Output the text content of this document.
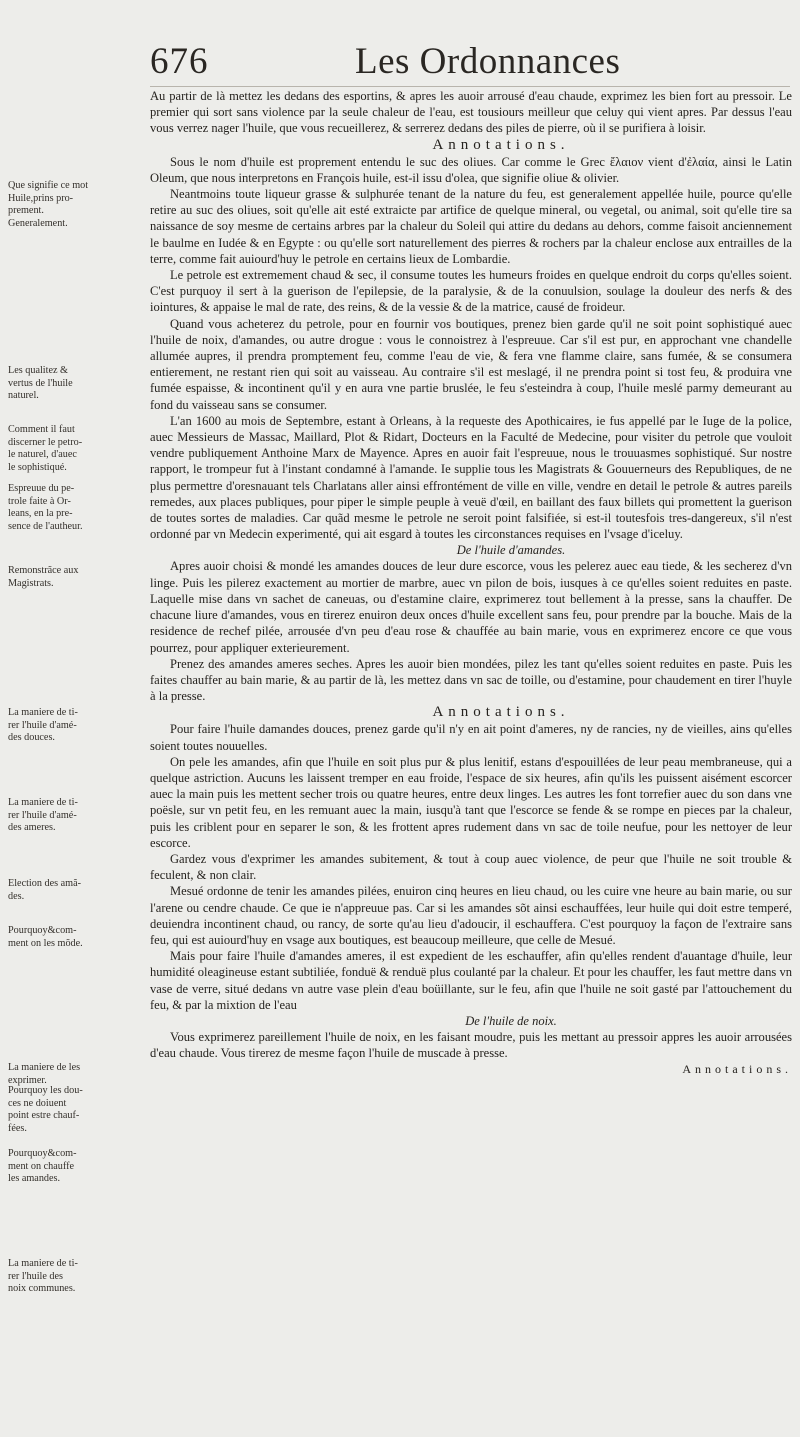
676	Les Ordonnances
Que signifie ce mot
Huile,prins pro-
prement.
Generalement.
Les qualitez &
vertus de l'huile
naturel.
Comment il faut
discerner le petro-
le naturel, d'auec
le sophistiqué.
Espreuue du pe-
trole faite à Or-
leans, en la pre-
sence de l'autheur.
Remonstrãce aux
Magistrats.
La maniere de ti-
rer l'huile d'amé-
des douces.
La maniere de ti-
rer l'huile d'amé-
des ameres.
Election des amã-
des.
Pourquoy&com-
ment on les mõde.
La maniere de les
exprimer.
Pourquoy les dou-
ces ne doiuent
point estre chauf-
fées.
Pourquoy&com-
ment on chauffe
les amandes.
La maniere de ti-
rer l'huile des
noix communes.

Au partir de là mettez les dedans des esportins, & apres les auoir arrousé d'eau chaude, exprimez les bien fort au pressoir. Le premier qui sort sans violence par la seule chaleur de l'eau, est tousiours meilleur que celuy qui vient apres. Par dessus l'eau vous verrez nager l'huile, que vous recueillerez, & serrerez dedans des piles de pierre, où il se purifiera à loisir.

Annotations.

Sous le nom d'huile est proprement entendu le suc des oliues. Car comme le Grec ἔλαιον vient d'ἐλαία, ainsi le Latin Oleum, que nous interpretons en François huile, est-il issu d'olea, que signifie oliue & olivier.

Neantmoins toute liqueur grasse & sulphurée tenant de la nature du feu, est generalement appellée huile, pource qu'elle retire au suc des oliues, soit qu'elle ait esté extraicte par artifice de quelque mineral, ou vegetal, ou animal, soit qu'elle tire sa naissance de soy mesme de certains arbres par la chaleur du Soleil qui attire du dedans au dehors, comme faisoit anciennement le baulme en Iudée & en Egypte : ou qu'elle sort naturellement des pierres & rochers par la chaleur enclose aux entrailles de la terre, comme fait auiourd'huy le petrole en certains lieux de Lombardie.

Le petrole est extremement chaud & sec, il consume toutes les humeurs froides en quelque endroit du corps qu'elles soient. C'est purquoy il sert à la guerison de l'epilepsie, de la paralysie, & de la conuulsion, soulage la douleur des nerfs & des iointures, & appaise le mal de rate, des reins, & de la vessie & de la matrice, causé de froideur.

Quand vous acheterez du petrole, pour en fournir vos boutiques, prenez bien garde qu'il ne soit point sophistiqué auec l'huile de noix, d'amandes, ou autre drogue : vous le connoistrez à l'espreuue. Car s'il est pur, en approchant vne chandelle allumée aupres, il prendra promptement feu, comme l'eau de vie, & fera vne flamme claire, sans fumée, & se consumera entierement, ne restant rien qui soit au vaisseau. Au contraire s'il est meslagé, il ne prendra point si tost feu, & produira vne fumée espaisse, & incontinent qu'il y en aura vne partie bruslée, le feu s'esteindra à coup, l'huile meslé parmy demeurant au fond du vaisseau sans se consumer.

L'an 1600 au mois de Septembre, estant à Orleans, à la requeste des Apothicaires, ie fus appellé par le Iuge de la police, auec Messieurs de Massac, Maillard, Plot & Ridart, Docteurs en la Faculté de Medecine, pour visiter du petrole que vouloit vendre publiquement Anthoine Marx de Mayence. Apres en auoir fait l'espreuue, nous le trouuasmes sophistiqué. Sur nostre rapport, le trompeur fut à l'instant condamné à l'amande. Ie supplie tous les Magistrats & Gouuerneurs des Republiques, de ne plus permettre d'oresnauant tels Charlatans aller ainsi effrontément de ville en ville, vendre en detail le petrole & autres pareils remedes, aux places publiques, pour piper le simple peuple à veuë d'œil, en baillant des faux billets qui promettent la guerison de toutes sortes de maladies. Car quãd mesme le petrole ne seroit point falsifiée, si est-il toutesfois tres-dangereux, s'il n'est ordonné par vn Medecin experimenté, qui ait esgard à toutes les circonstances requises en l'vsage d'iceluy.

De l'huile d'amandes.

Apres auoir choisi & mondé les amandes douces de leur dure escorce, vous les pelerez auec eau tiede, & les secherez d'vn linge. Puis les pilerez exactement au mortier de marbre, auec vn pilon de bois, iusques à ce qu'elles soient reduites en paste. Laquelle mise dans vn sachet de caneuas, ou d'estamine claire, exprimerez tout bellement à la presse, sans la chauffer. De chacune liure d'amandes, vous en tirerez enuiron deux onces d'huile excellent sans feu, pour prendre par la bouche. Mais de la residence de rechef pilée, arrousée d'vn peu d'eau rose & chauffée au bain marie, vous en exprimerez encore ce que vous pourrez, pour appliquer exterieurement.

Prenez des amandes ameres seches. Apres les auoir bien mondées, pilez les tant qu'elles soient reduites en paste. Puis les faites chauffer au bain marie, & au partir de là, les mettez dans vn sac de toille, ou d'estamine, pour chaudement en tirer l'huyle à la presse.

Annotations.

Pour faire l'huile damandes douces, prenez garde qu'il n'y en ait point d'ameres, ny de rancies, ny de vieilles, ains qu'elles soient toutes nouuelles.

On pele les amandes, afin que l'huile en soit plus pur & plus lenitif, estans d'espouillées de leur peau membraneuse, qui a quelque astriction. Aucuns les laissent tremper en eau froide, l'espace de six heures, afin qu'ils les puissent aisément escorcer auec la main puis les mettent secher trois ou quatre heures, entre deux linges. Les autres les font torrefier auec du son dans vne poësle, sur vn petit feu, en les remuant auec la main, iusqu'à tant que l'escorce se fende & se rompe en pieces par la chaleur, puis les criblent pour en separer le son, & les frottent apres rudement dans vn sac de toile neufue, pour les nettoyer de leur escorce.

Gardez vous d'exprimer les amandes subitement, & tout à coup auec violence, de peur que l'huile ne soit trouble & feculent, & non clair.

Mesué ordonne de tenir les amandes pilées, enuiron cinq heures en lieu chaud, ou les cuire vne heure au bain marie, ou sur l'arene ou cendre chaude. Ce que ie n'appreuue pas. Car si les amandes sõt ainsi eschauffées, leur huile qui doit estre temperé, deuiendra incontinent chaud, ou rancy, de sorte qu'au lieu d'adoucir, il eschauffera. C'est pourquoy la façon de l'extraire sans feu, qui est auiourd'huy en vsage aux boutiques, est beaucoup meilleure, que celle de Mesué.

Mais pour faire l'huile d'amandes ameres, il est expedient de les eschauffer, afin qu'elles rendent d'auantage d'huile, leur humidité oleagineuse estant subtiliée, fonduë & renduë plus coulanté par la chaleur. Et pour les chauffer, les faut mettre dans vn vase de verre, situé dedans vn autre vase plein d'eau boüillante, sur le feu, afin que l'huile ne soit gasté par l'attouchement du feu, & par la mixtion de l'eau

De l'huile de noix.

Vous exprimerez pareillement l'huile de noix, en les faisant moudre, puis les mettant au pressoir appres les auoir arrousées d'eau chaude. Vous tirerez de mesme façon l'huile de muscade à presse.

Annotations.
